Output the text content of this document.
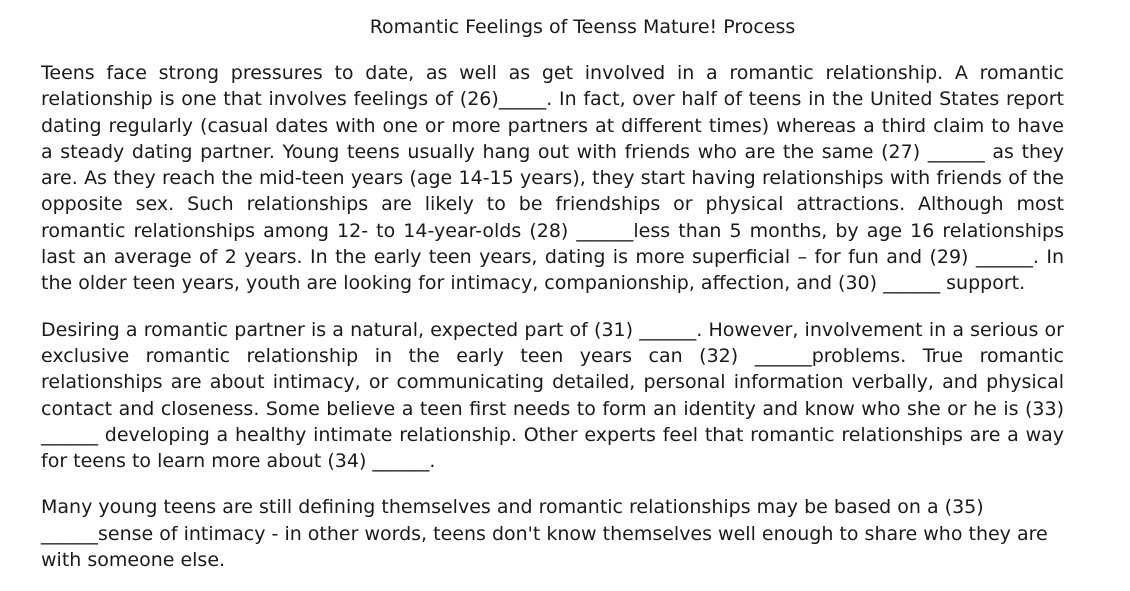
Romantic Feelings of Teenss Mature! Process

Teens face strong pressures to date, as well as get involved in a romantic relationship. A romantic relationship is one that involves feelings of (26)_____. In fact, over half of teens in the United States report dating regularly (casual dates with one or more partners at different times) whereas a third claim to have a steady dating partner. Young teens usually hang out with friends who are the same (27) ______ as they are. As they reach the mid-teen years (age 14-15 years), they start having relationships with friends of the opposite sex. Such relationships are likely to be friendships or physical attractions. Although most romantic relationships among 12- to 14-year-olds (28) ______less than 5 months, by age 16 relationships last an average of 2 years. In the early teen years, dating is more superficial – for fun and (29) ______. In the older teen years, youth are looking for intimacy, companionship, affection, and (30) ______ support.

Desiring a romantic partner is a natural, expected part of (31) ______. However, involvement in a serious or exclusive romantic relationship in the early teen years can (32) ______problems. True romantic relationships are about intimacy, or communicating detailed, personal information verbally, and physical contact and closeness. Some believe a teen first needs to form an identity and know who she or he is (33) ______ developing a healthy intimate relationship. Other experts feel that romantic relationships are a way for teens to learn more about (34) ______.

Many young teens are still defining themselves and romantic relationships may be based on a (35) ______sense of intimacy - in other words, teens don't know themselves well enough to share who they are with someone else.
